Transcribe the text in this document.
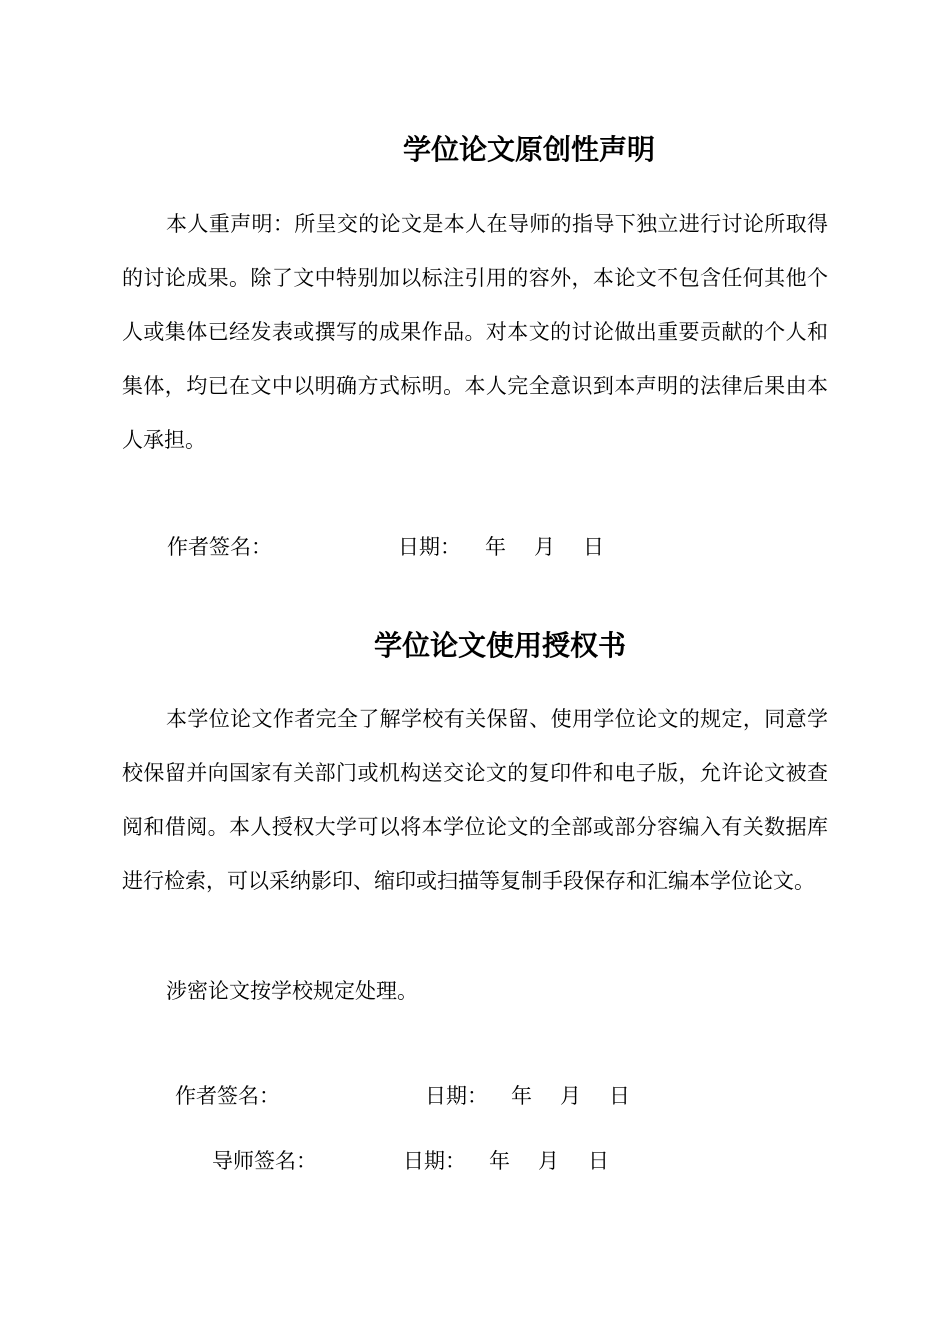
学位论文原创性声明
本人重声明：所呈交的论文是本人在导师的指导下独立进行讨论所取得的讨论成果。除了文中特别加以标注引用的容外，本论文不包含任何其他个人或集体已经发表或撰写的成果作品。对本文的讨论做出重要贡献的个人和集体，均已在文中以明确方式标明。本人完全意识到本声明的法律后果由本人承担。
作者签名：	日期： 年 月 日
学位论文使用授权书
本学位论文作者完全了解学校有关保留、使用学位论文的规定，同意学校保留并向国家有关部门或机构送交论文的复印件和电子版，允许论文被查阅和借阅。本人授权大学可以将本学位论文的全部或部分容编入有关数据库进行检索，可以采纳影印、缩印或扫描等复制手段保存和汇编本学位论文。
涉密论文按学校规定处理。
作者签名：	日期： 年 月 日
导师签名：	日期： 年 月 日
